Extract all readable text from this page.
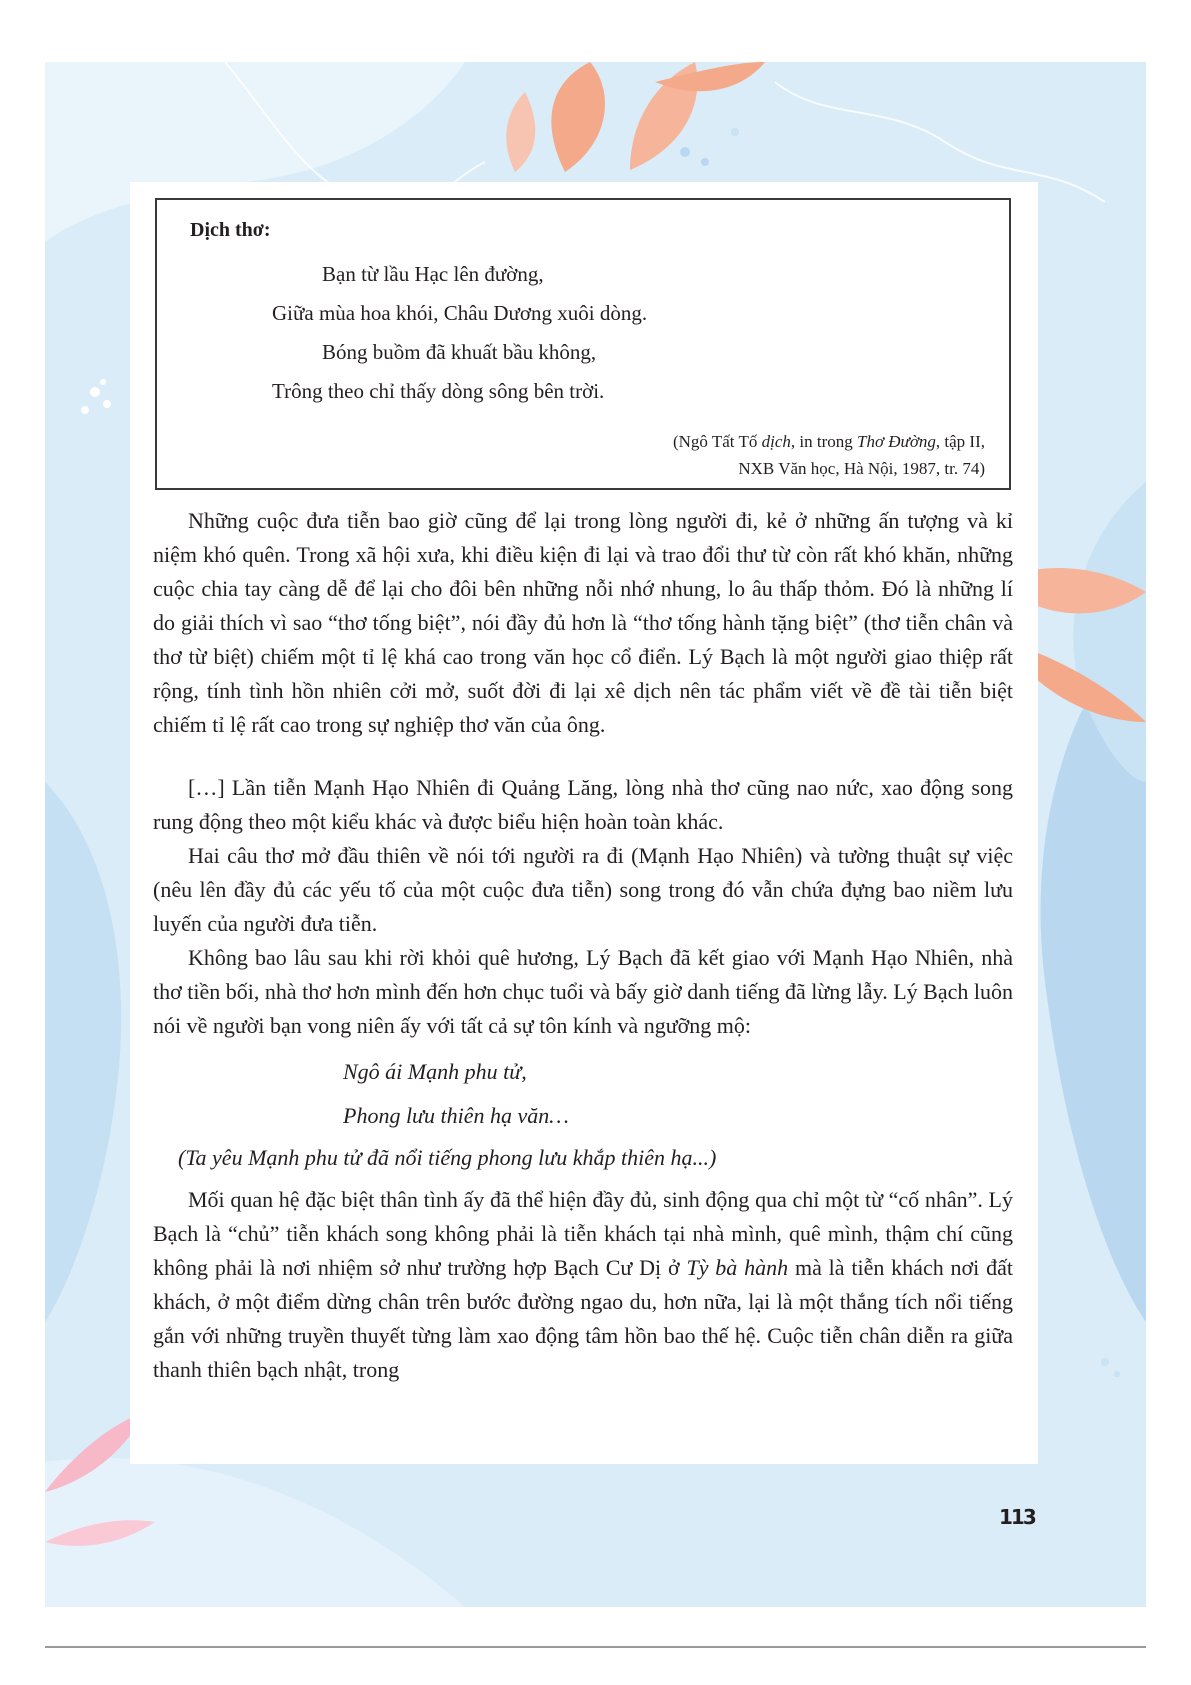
Dịch thơ:
Bạn từ lầu Hạc lên đường,
Giữa mùa hoa khói, Châu Dương xuôi dòng.
Bóng buồm đã khuất bầu không,
Trông theo chỉ thấy dòng sông bên trời.
(Ngô Tất Tố dịch, in trong Thơ Đường, tập II,
NXB Văn học, Hà Nội, 1987, tr. 74)

Những cuộc đưa tiễn bao giờ cũng để lại trong lòng người đi, kẻ ở những ấn tượng và kỉ niệm khó quên. Trong xã hội xưa, khi điều kiện đi lại và trao đổi thư từ còn rất khó khăn, những cuộc chia tay càng dễ để lại cho đôi bên những nỗi nhớ nhung, lo âu thấp thỏm. Đó là những lí do giải thích vì sao “thơ tống biệt”, nói đầy đủ hơn là “thơ tống hành tặng biệt” (thơ tiễn chân và thơ từ biệt) chiếm một tỉ lệ khá cao trong văn học cổ điển. Lý Bạch là một người giao thiệp rất rộng, tính tình hồn nhiên cởi mở, suốt đời đi lại xê dịch nên tác phẩm viết về đề tài tiễn biệt chiếm tỉ lệ rất cao trong sự nghiệp thơ văn của ông.

[…] Lần tiễn Mạnh Hạo Nhiên đi Quảng Lăng, lòng nhà thơ cũng nao nức, xao động song rung động theo một kiểu khác và được biểu hiện hoàn toàn khác.

Hai câu thơ mở đầu thiên về nói tới người ra đi (Mạnh Hạo Nhiên) và tường thuật sự việc (nêu lên đầy đủ các yếu tố của một cuộc đưa tiễn) song trong đó vẫn chứa đựng bao niềm lưu luyến của người đưa tiễn.

Không bao lâu sau khi rời khỏi quê hương, Lý Bạch đã kết giao với Mạnh Hạo Nhiên, nhà thơ tiền bối, nhà thơ hơn mình đến hơn chục tuổi và bấy giờ danh tiếng đã lừng lẫy. Lý Bạch luôn nói về người bạn vong niên ấy với tất cả sự tôn kính và ngưỡng mộ:

Ngô ái Mạnh phu tử,
Phong lưu thiên hạ văn…
(Ta yêu Mạnh phu tử đã nổi tiếng phong lưu khắp thiên hạ...)

Mối quan hệ đặc biệt thân tình ấy đã thể hiện đầy đủ, sinh động qua chỉ một từ “cố nhân”. Lý Bạch là “chủ” tiễn khách song không phải là tiễn khách tại nhà mình, quê mình, thậm chí cũng không phải là nơi nhiệm sở như trường hợp Bạch Cư Dị ở Tỳ bà hành mà là tiễn khách nơi đất khách, ở một điểm dừng chân trên bước đường ngao du, hơn nữa, lại là một thắng tích nổi tiếng gắn với những truyền thuyết từng làm xao động tâm hồn bao thế hệ. Cuộc tiễn chân diễn ra giữa thanh thiên bạch nhật, trong

113
